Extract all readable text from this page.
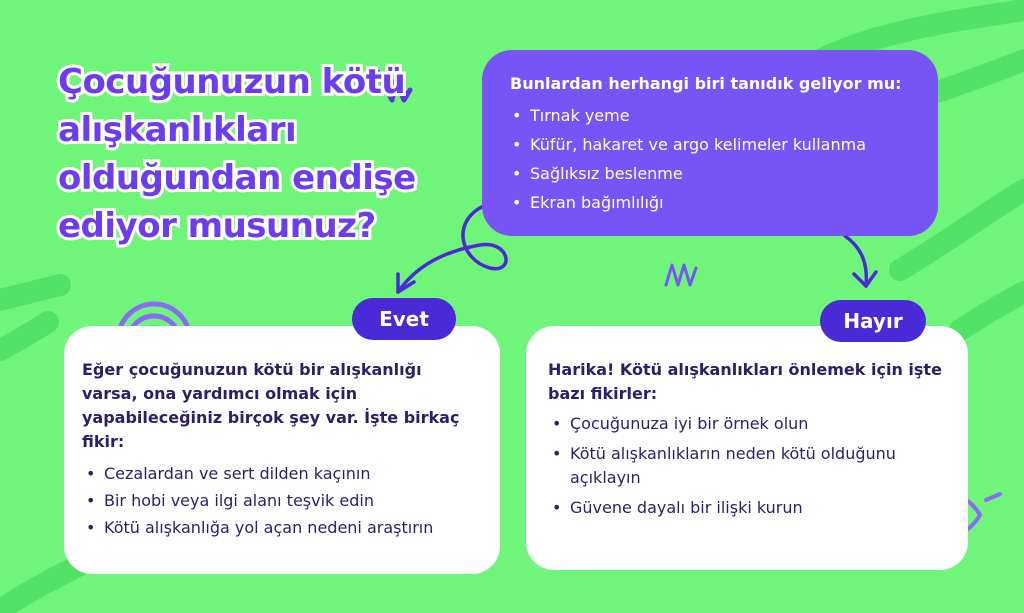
Çocuğunuzun kötü alışkanlıkları olduğundan endişe ediyor musunuz?
Bunlardan herhangi biri tanıdık geliyor mu:
• Tırnak yeme
• Küfür, hakaret ve argo kelimeler kullanma
• Sağlıksız beslenme
• Ekran bağımlılığı
Eğer çocuğunuzun kötü bir alışkanlığı varsa, ona yardımcı olmak için yapabileceğiniz birçok şey var. İşte birkaç fikir:
• Cezalardan ve sert dilden kaçının
• Bir hobi veya ilgi alanı teşvik edin
• Kötü alışkanlığa yol açan nedeni araştırın
Harika! Kötü alışkanlıkları önlemek için işte bazı fikirler:
• Çocuğunuza iyi bir örnek olun
• Kötü alışkanlıkların neden kötü olduğunu açıklayın
• Güvene dayalı bir ilişki kurun
Evet	Hayır
